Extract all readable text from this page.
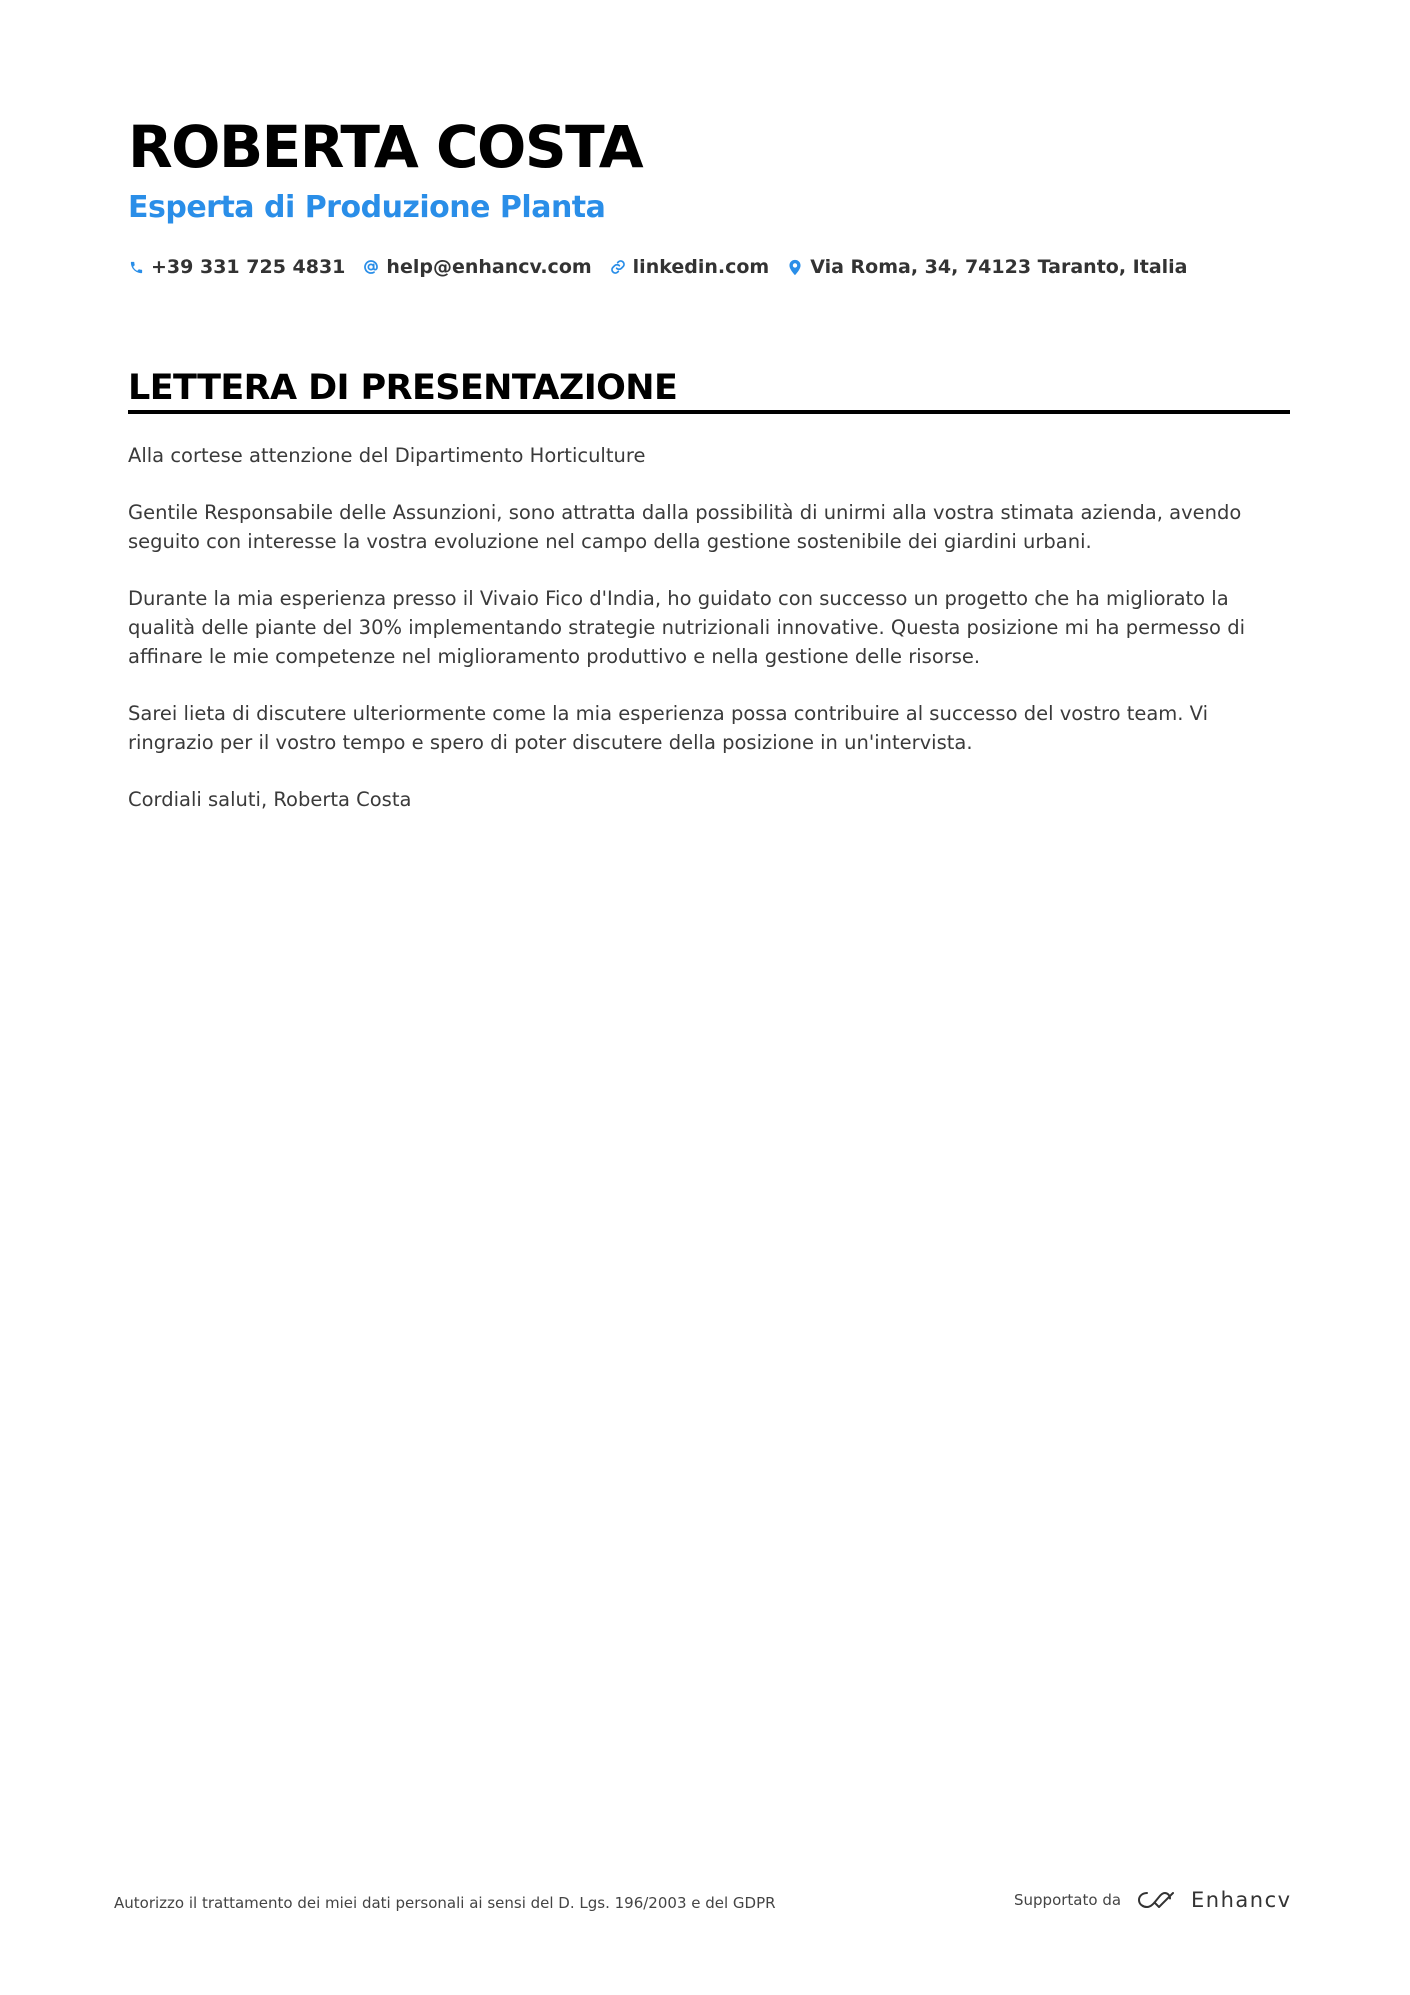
ROBERTA COSTA
Esperta di Produzione Planta
+39 331 725 4831 help@enhancv.com linkedin.com Via Roma, 34, 74123 Taranto, Italia
LETTERA DI PRESENTAZIONE

Alla cortese attenzione del Dipartimento Horticulture

Gentile Responsabile delle Assunzioni, sono attratta dalla possibilità di unirmi alla vostra stimata azienda, avendo seguito con interesse la vostra evoluzione nel campo della gestione sostenibile dei giardini urbani.

Durante la mia esperienza presso il Vivaio Fico d'India, ho guidato con successo un progetto che ha migliorato la qualità delle piante del 30% implementando strategie nutrizionali innovative. Questa posizione mi ha permesso di affinare le mie competenze nel miglioramento produttivo e nella gestione delle risorse.

Sarei lieta di discutere ulteriormente come la mia esperienza possa contribuire al successo del vostro team. Vi ringrazio per il vostro tempo e spero di poter discutere della posizione in un'intervista.

Cordiali saluti, Roberta Costa

Autorizzo il trattamento dei miei dati personali ai sensi del D. Lgs. 196/2003 e del GDPR	Supportato da	Enhancv
